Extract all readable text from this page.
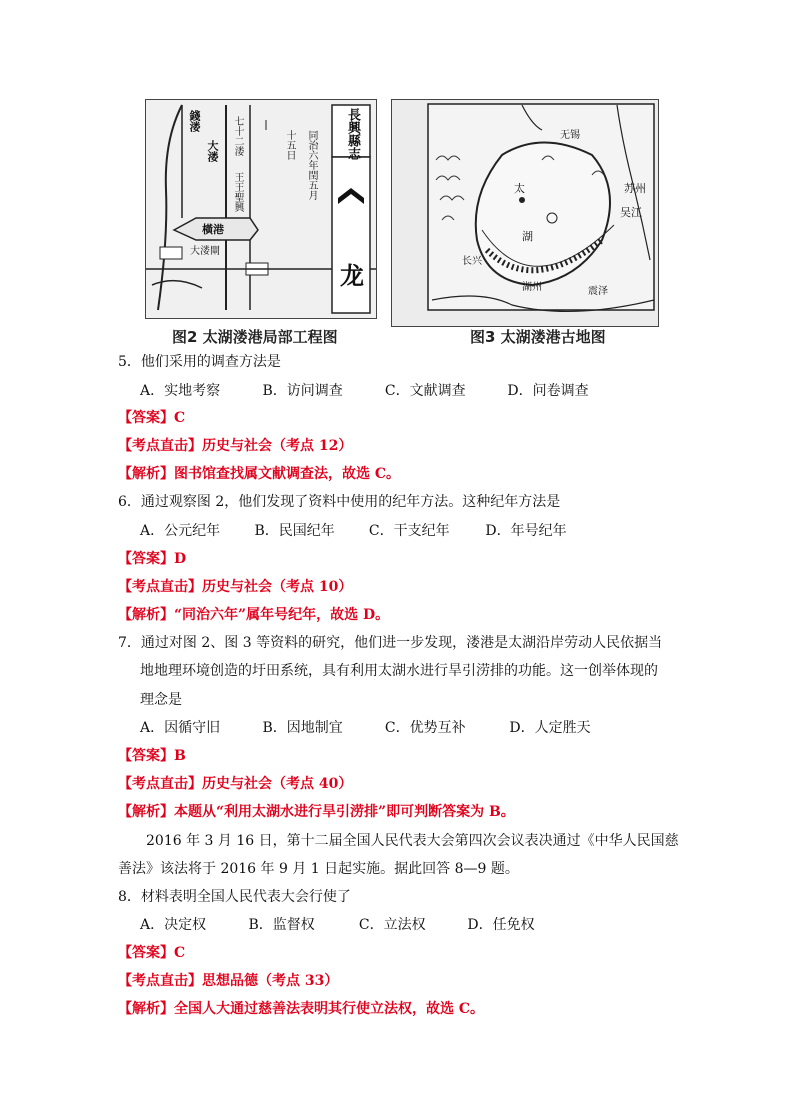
長興縣志
同治六年閏五月
十五日
七十二溇
王王聖興
錢溇
大溇
橫港
大溇閘
龙
图2 太湖溇港局部工程图
无锡
苏州
吴江
太
湖
长兴
湖州	震泽
图3 太湖溇港古地图
5．他们采用的调查方法是
A．实地考察	B．访问调查	C．文献调查	D．问卷调查
【答案】C
【考点直击】历史与社会（考点 12）
【解析】图书馆查找属文献调查法，故选 C。
6．通过观察图 2，他们发现了资料中使用的纪年方法。这种纪年方法是
A．公元纪年 B．民国纪年 C．干支纪年	D．年号纪年
【答案】D
【考点直击】历史与社会（考点 10）
【解析】“同治六年”属年号纪年，故选 D。
7．通过对图 2、图 3 等资料的研究，他们进一步发现，溇港是太湖沿岸劳动人民依据当
地地理环境创造的圩田系统，具有利用太湖水进行旱引涝排的功能。这一创举体现的
理念是
A．因循守旧	B．因地制宜	C．优势互补	D．人定胜天
【答案】B
【考点直击】历史与社会（考点 40）
【解析】本题从“利用太湖水进行旱引涝排”即可判断答案为 B。
2016 年 3 月 16 日，第十二届全国人民代表大会第四次会议表决通过《中华人民国慈
善法》该法将于 2016 年 9 月 1 日起实施。据此回答 8—9 题。
8．材料表明全国人民代表大会行使了
A．决定权	B．监督权	C．立法权	D．任免权
【答案】C
【考点直击】思想品德（考点 33）
【解析】全国人大通过慈善法表明其行使立法权，故选 C。
